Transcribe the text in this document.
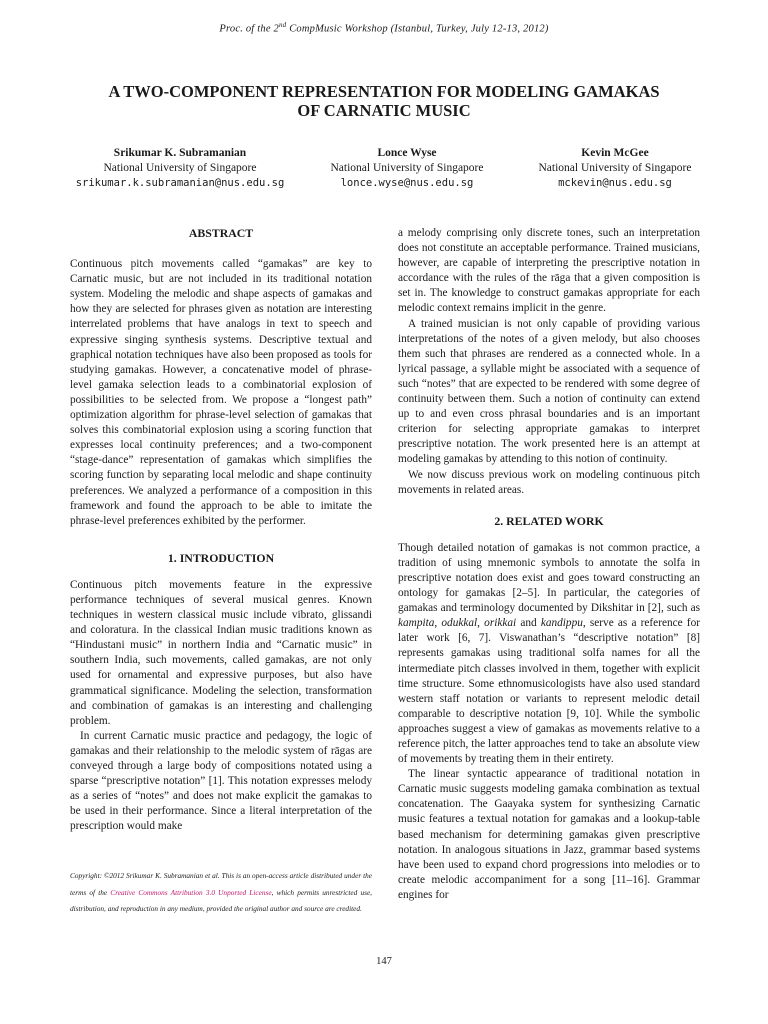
Proc. of the 2nd CompMusic Workshop (Istanbul, Turkey, July 12-13, 2012)
A TWO-COMPONENT REPRESENTATION FOR MODELING GAMAKAS
OF CARNATIC MUSIC
Srikumar K. Subramanian
National University of Singapore
srikumar.k.subramanian@nus.edu.sg
Lonce Wyse
National University of Singapore
lonce.wyse@nus.edu.sg
Kevin McGee
National University of Singapore
mckevin@nus.edu.sg

ABSTRACT

Continuous pitch movements called “gamakas” are key to Carnatic music, but are not included in its traditional notation system. Modeling the melodic and shape aspects of gamakas and how they are selected for phrases given as notation are interesting interrelated problems that have analogs in text to speech and expressive singing synthesis systems. Descriptive textual and graphical notation techniques have also been proposed as tools for studying gamakas. However, a concatenative model of phrase-level gamaka selection leads to a combinatorial explosion of possibilities to be selected from. We propose a “longest path” optimization algorithm for phrase-level selection of gamakas that solves this combinatorial explosion using a scoring function that expresses local continuity preferences; and a two-component “stage-dance” representation of gamakas which simplifies the scoring function by separating local melodic and shape continuity preferences. We analyzed a performance of a composition in this framework and found the approach to be able to imitate the phrase-level preferences exhibited by the performer.

1. INTRODUCTION

Continuous pitch movements feature in the expressive performance techniques of several musical genres. Known techniques in western classical music include vibrato, glissandi and coloratura. In the classical Indian music traditions known as “Hindustani music” in northern India and “Carnatic music” in southern India, such movements, called gamakas, are not only used for ornamental and expressive purposes, but also have grammatical significance. Modeling the selection, transformation and combination of gamakas is an interesting and challenging problem.

In current Carnatic music practice and pedagogy, the logic of gamakas and their relationship to the melodic system of rāgas are conveyed through a large body of compositions notated using a sparse “prescriptive notation” [1]. This notation expresses melody as a series of “notes” and does not make explicit the gamakas to be used in their performance. Since a literal interpretation of the prescription would make

a melody comprising only discrete tones, such an interpretation does not constitute an acceptable performance. Trained musicians, however, are capable of interpreting the prescriptive notation in accordance with the rules of the rāga that a given composition is set in. The knowledge to construct gamakas appropriate for each melodic context remains implicit in the genre.

A trained musician is not only capable of providing various interpretations of the notes of a given melody, but also chooses them such that phrases are rendered as a connected whole. In a lyrical passage, a syllable might be associated with a sequence of such “notes” that are expected to be rendered with some degree of continuity between them. Such a notion of continuity can extend up to and even cross phrasal boundaries and is an important criterion for selecting appropriate gamakas to interpret prescriptive notation. The work presented here is an attempt at modeling gamakas by attending to this notion of continuity.

We now discuss previous work on modeling continuous pitch movements in related areas.

2. RELATED WORK

Though detailed notation of gamakas is not common practice, a tradition of using mnemonic symbols to annotate the solfa in prescriptive notation does exist and goes toward constructing an ontology for gamakas [2–5]. In particular, the categories of gamakas and terminology documented by Dikshitar in [2], such as kampita, odukkal, orikkai and kandippu, serve as a reference for later work [6, 7]. Viswanathan’s “descriptive notation” [8] represents gamakas using traditional solfa names for all the intermediate pitch classes involved in them, together with explicit time structure. Some ethnomusicologists have also used standard western staff notation or variants to represent melodic detail comparable to descriptive notation [9, 10]. While the symbolic approaches suggest a view of gamakas as movements relative to a reference pitch, the latter approaches tend to take an absolute view of movements by treating them in their entirety.

The linear syntactic appearance of traditional notation in Carnatic music suggests modeling gamaka combination as textual concatenation. The Gaayaka system for synthesizing Carnatic music features a textual notation for gamakas and a lookup-table based mechanism for determining gamakas given prescriptive notation. In analogous situations in Jazz, grammar based systems have been used to expand chord progressions into melodies or to create melodic accompaniment for a song [11–16]. Grammar engines for

Copyright: ©2012 Srikumar K. Subramanian et al. This is an open-access article distributed under the terms of the Creative Commons Attribution 3.0 Unported License, which permits unrestricted use, distribution, and reproduction in any medium, provided the original author and source are credited.
147
